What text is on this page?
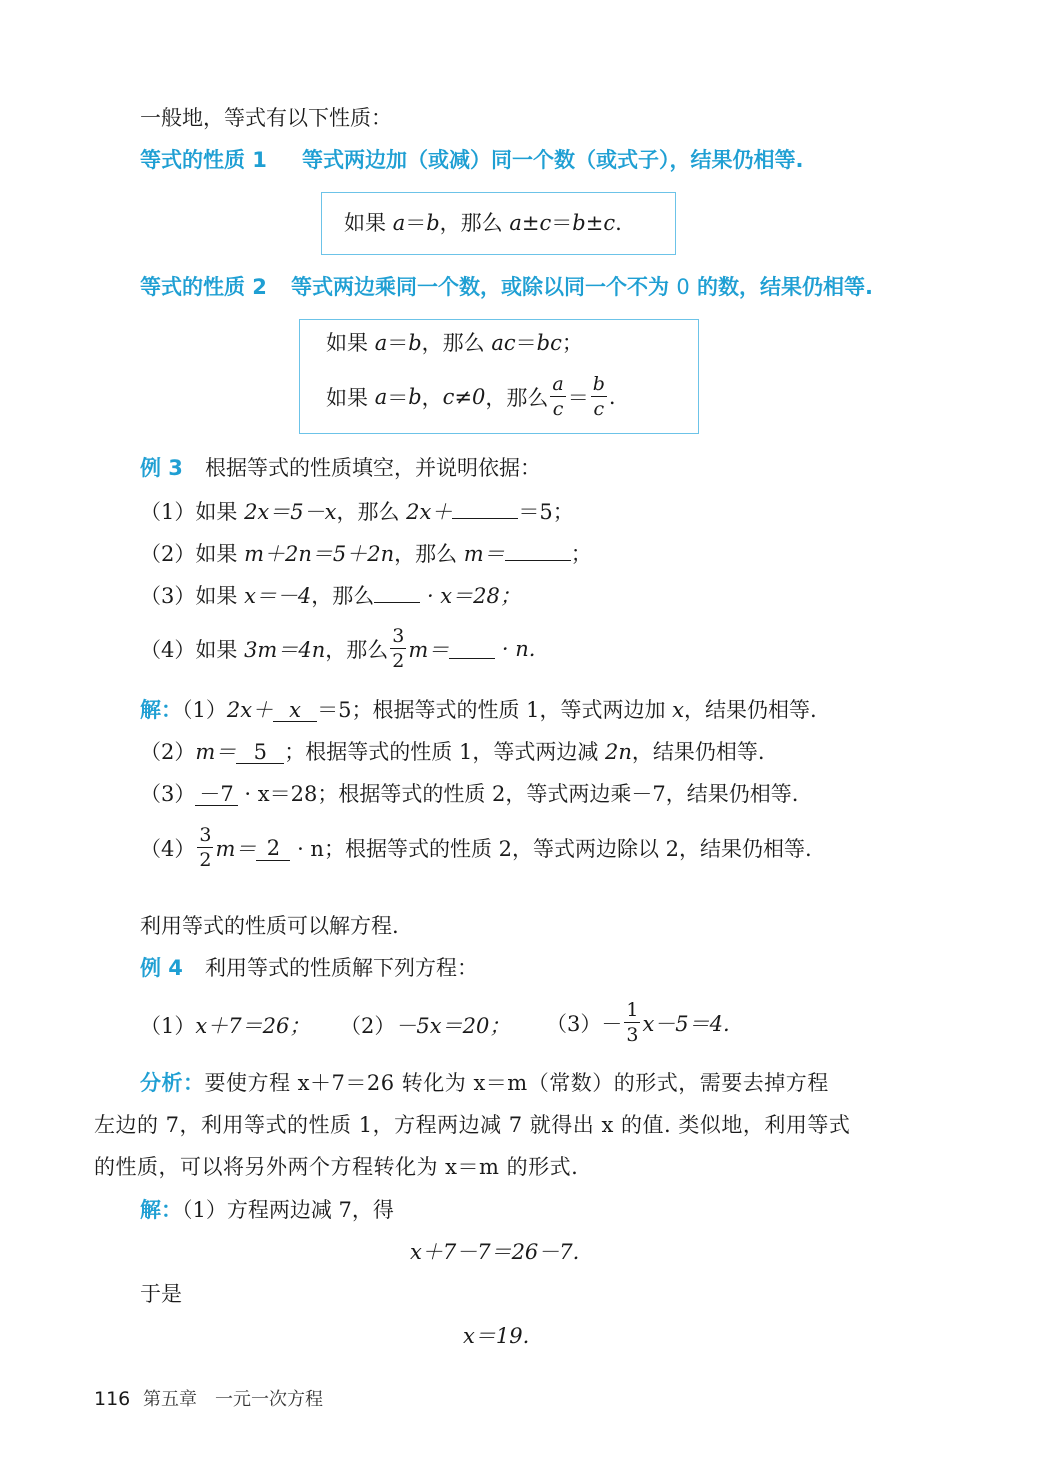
一般地，等式有以下性质：
等式的性质 1 等式两边加（或减）同一个数（或式子），结果仍相等.
如果 a＝b，那么 a±c＝b±c.
等式的性质 2 等式两边乘同一个数，或除以同一个不为 0 的数，结果仍相等.
如果 a＝b，那么 ac＝bc；
如果 a＝b，c≠0，那么 $\frac{a}{c} = \frac{b}{c}$ .
例 3 根据等式的性质填空，并说明依据：
（1）如果 2x＝5－x，那么 2x＋	＝5；
（2）如果 m＋2n＝5＋2n，那么 m＝	；
（3）如果 x＝－4，那么 · x＝28；
（4）如果 3m＝4n，那么 $\frac{3}{2} m= \cdot n$.
解：（1）2x＋ x ＝5；根据等式的性质 1，等式两边加 x，结果仍相等.
（2）m＝ 5 ；根据等式的性质 1，等式两边减 2n，结果仍相等.
（3） －7 · x＝28；根据等式的性质 2，等式两边乘－7，结果仍相等.
$(4) \frac{3}{2} m= 2 \cdot n$；根据等式的性质 2，等式两边除以 2，结果仍相等.
利用等式的性质可以解方程.
例 4 利用等式的性质解下列方程：
（1）x＋7＝26； （2）－5x＝20； $(3)- \frac{1}{3} x-5=4$.
分析：要使方程 x＋7＝26 转化为 x＝m（常数）的形式，需要去掉方程
左边的 7，利用等式的性质 1，方程两边减 7 就得出 x 的值. 类似地，利用等式
的性质，可以将另外两个方程转化为 x＝m 的形式.
解：（1）方程两边减 7，得
x＋7－7＝26－7.
于是
x＝19.
116 第五章　一元一次方程
